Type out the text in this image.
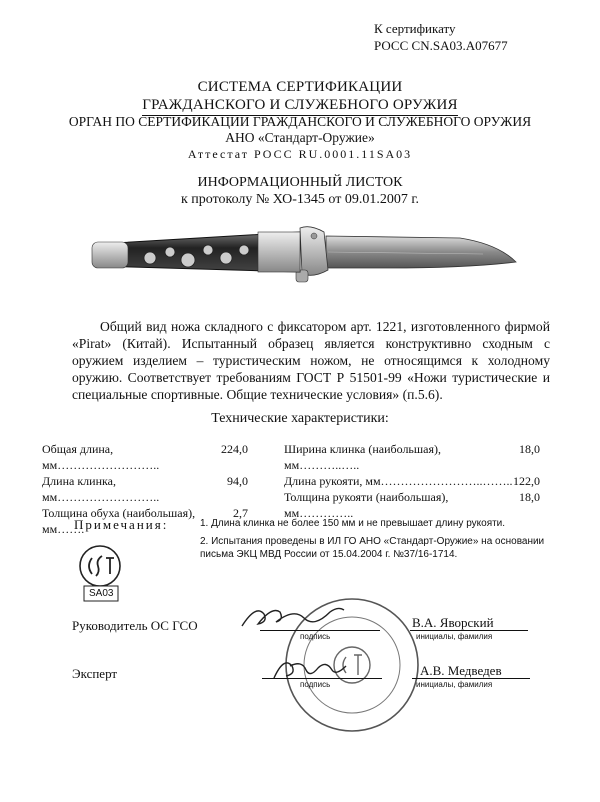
К сертификату
РОСС CN.SA03.A07677
СИСТЕМА СЕРТИФИКАЦИИ
ГРАЖДАНСКОГО И СЛУЖЕБНОГО ОРУЖИЯ
ОРГАН ПО СЕРТИФИКАЦИИ ГРАЖДАНСКОГО И СЛУЖЕБНОГО ОРУЖИЯ
АНО «Стандарт-Оружие»
Аттестат РОСС RU.0001.11SA03
ИНФОРМАЦИОННЫЙ ЛИСТОК
к протоколу № ХО-1345 от 09.01.2007 г.
Общий вид ножа складного с фиксатором арт. 1221, изготовленного фирмой «Pirat» (Китай). Испытанный образец является конструктивно сходным с оружием изделием – туристическим ножом, не относящимся к холодному оружию. Соответствует требованиям ГОСТ Р 51501-99 «Ножи туристические и специальные спортивные. Общие технические условия» (п.5.6).
Технические характеристики:
Общая длина, мм……………………..
224,0
Длина клинка, мм……………………..
94,0
Толщина обуха (наибольшая), мм…….
2,7
Ширина клинка (наибольшая), мм………..…..
18,0
Длина рукояти, мм……………………..…….. 122,0
Толщина рукояти (наибольшая), мм…………..
18,0
Примечания:	1. Длина клинка не более 150 мм и не превышает длину рукояти.
2. Испытания проведены в ИЛ ГО АНО «Стандарт-Оружие» на основании
письма ЭКЦ МВД России от 15.04.2004 г. №37/16-1714.
SA03
Руководитель ОС ГСО
подпись
В.А. Яворский
инициалы, фамилия
Эксперт
подпись
А.В. Медведев
инициалы, фамилия
